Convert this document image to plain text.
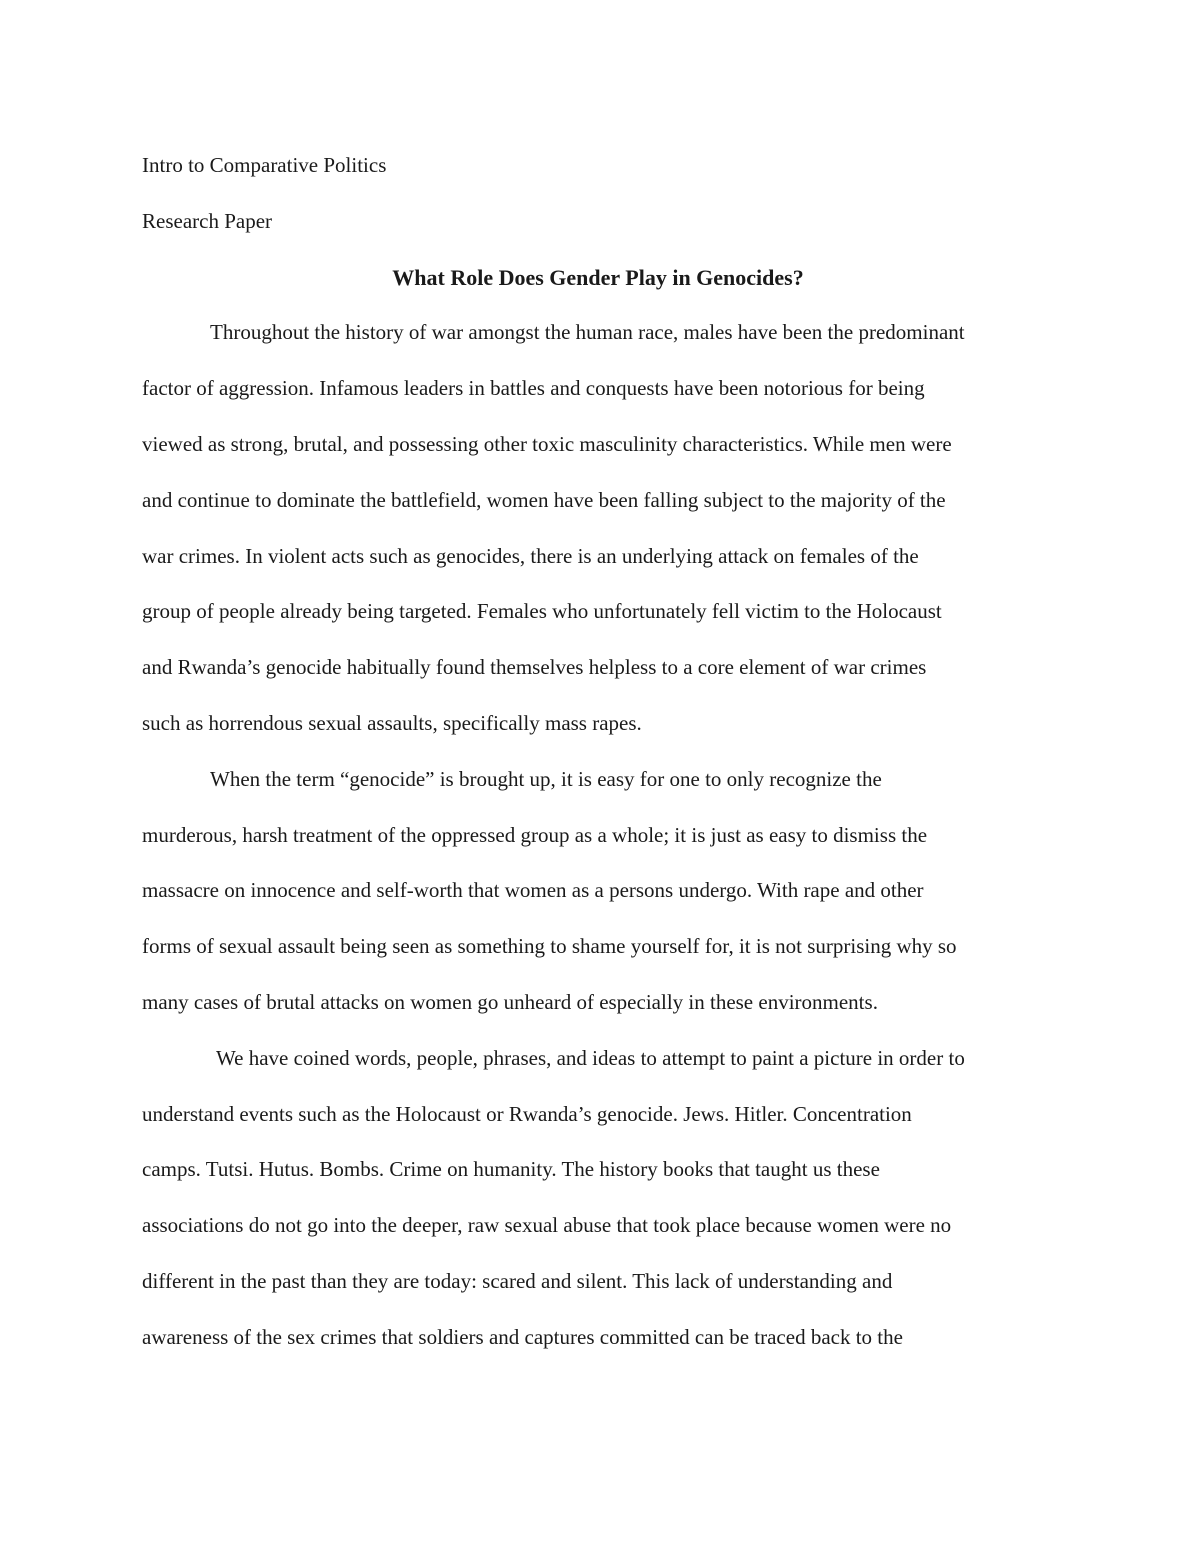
Intro to Comparative Politics

Research Paper

What Role Does Gender Play in Genocides?

Throughout the history of war amongst the human race, males have been the predominant
factor of aggression. Infamous leaders in battles and conquests have been notorious for being
viewed as strong, brutal, and possessing other toxic masculinity characteristics. While men were
and continue to dominate the battlefield, women have been falling subject to the majority of the
war crimes. In violent acts such as genocides, there is an underlying attack on females of the
group of people already being targeted. Females who unfortunately fell victim to the Holocaust
and Rwanda’s genocide habitually found themselves helpless to a core element of war crimes
such as horrendous sexual assaults, specifically mass rapes.

When the term “genocide” is brought up, it is easy for one to only recognize the
murderous, harsh treatment of the oppressed group as a whole; it is just as easy to dismiss the
massacre on innocence and self-worth that women as a persons undergo. With rape and other
forms of sexual assault being seen as something to shame yourself for, it is not surprising why so
many cases of brutal attacks on women go unheard of especially in these environments.

We have coined words, people, phrases, and ideas to attempt to paint a picture in order to
understand events such as the Holocaust or Rwanda’s genocide. Jews. Hitler. Concentration
camps. Tutsi. Hutus. Bombs. Crime on humanity. The history books that taught us these
associations do not go into the deeper, raw sexual abuse that took place because women were no
different in the past than they are today: scared and silent. This lack of understanding and
awareness of the sex crimes that soldiers and captures committed can be traced back to the
